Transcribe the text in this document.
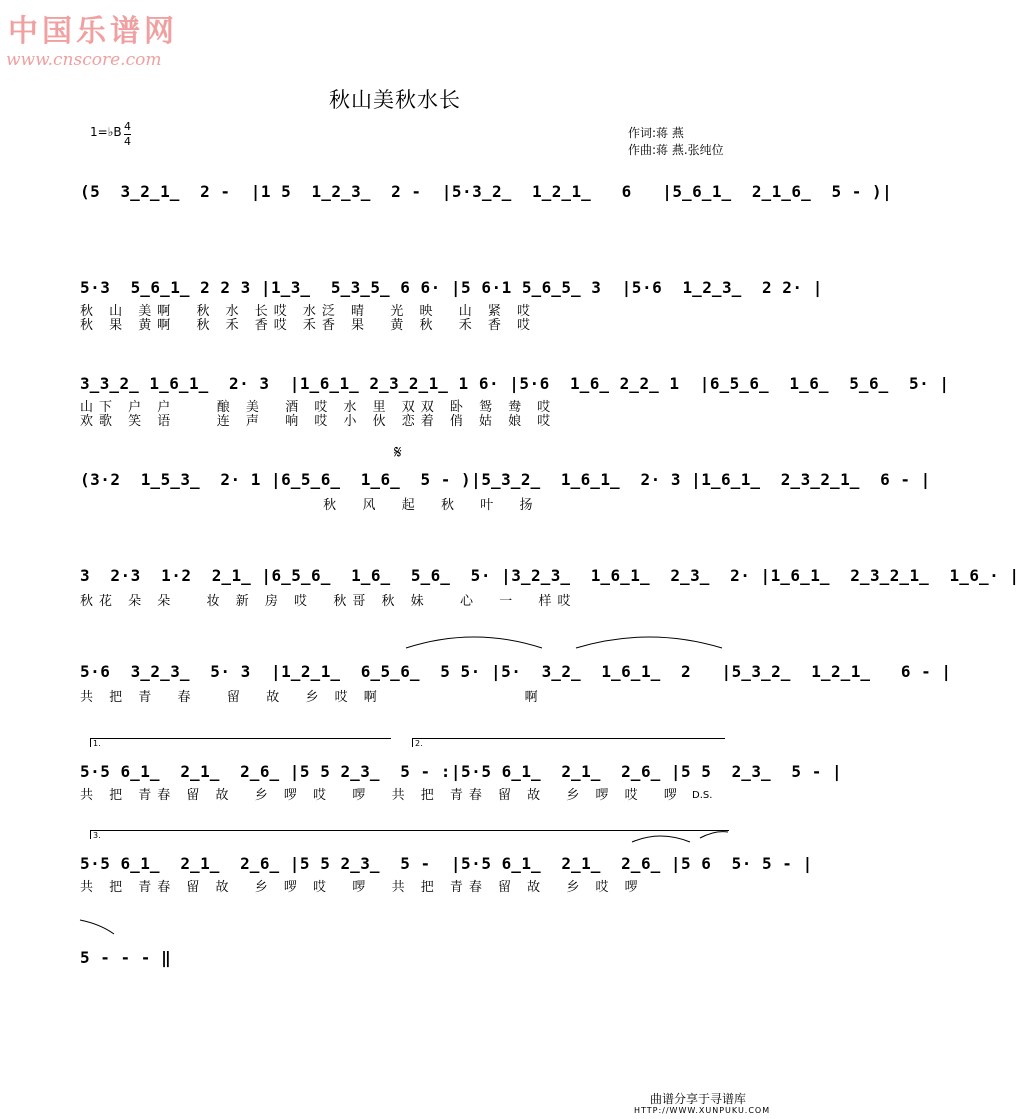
中国乐谱网
www.cnscore.com
秋山美秋水长
1=♭B 4
4
作词:蒋 燕
作曲:蒋 燕.张纯位
(5  3̲2̲1̲  2 -  |1 5  1̲2̲3̲  2 -  |5·3̲2̲  1̲2̲1̲   6   |5̲6̲1̲  2̲1̲6̲  5 - )|
5·3  5̲6̲1̲ 2 2 3 |1̲3̲  5̲3̲5̲ 6 6· |5 6·1 5̲6̲5̲ 3  |5·6  1̲2̲3̲  2 2· |
秋 山 美啊  秋 水 长哎 水泛 晴  光 映  山 紧 哎
秋 果 黄啊  秋 禾 香哎 禾香 果  黄 秋  禾 香 哎
3̲3̲2̲ 1̲6̲1̲  2· 3  |1̲6̲1̲ 2̲3̲2̲1̲ 1 6· |5·6  1̲6̲ 2̲2̲ 1  |6̲5̲6̲  1̲6̲  5̲6̲  5· |
山下 户 户    酿 美  酒 哎 水 里 双双 卧 鸳 鸯 哎
欢歌 笑 语    连 声  响 哎 小 伙 恋着 俏 姑 娘 哎
𝄋
(3·2  1̲5̲3̲  2· 1 |6̲5̲6̲  1̲6̲  5 - )|5̲3̲2̲  1̲6̲1̲  2· 3 |1̲6̲1̲  2̲3̲2̲1̲  6 - |
秋  风  起  秋  叶  扬
3  2·3  1·2  2̲1̲ |6̲5̲6̲  1̲6̲  5̲6̲  5· |3̲2̲3̲  1̲6̲1̲  2̲3̲  2· |1̲6̲1̲  2̲3̲2̲1̲  1̲6̲· |
秋花 朵 朵   妆 新 房 哎  秋哥 秋 妹   心  一  样哎
5·6  3̲2̲3̲  5· 3  |1̲2̲1̲  6̲5̲6̲  5 5· |5·  3̲2̲  1̲6̲1̲  2   |5̲3̲2̲  1̲2̲1̲   6 - |
共 把 青  春   留  故  乡 哎 啊              啊
1.	2.
5·5 6̲1̲  2̲1̲  2̲6̲ |5 5 2̲3̲  5 - :|5·5 6̲1̲  2̲1̲  2̲6̲ |5 5  2̲3̲  5 - |
共 把 青春 留 故  乡 啰 哎  啰  共 把 青春 留 故  乡 啰 哎  啰 D.S.
3.
5·5 6̲1̲  2̲1̲  2̲6̲ |5 5 2̲3̲  5 -  |5·5 6̲1̲  2̲1̲  2̲6̲ |5 6  5· 5 - |
共 把 青春 留 故  乡 啰 哎  啰  共 把 青春 留 故  乡 哎 啰
5 - - - ‖
曲谱分享于寻谱库
HTTP://WWW.XUNPUKU.COM
